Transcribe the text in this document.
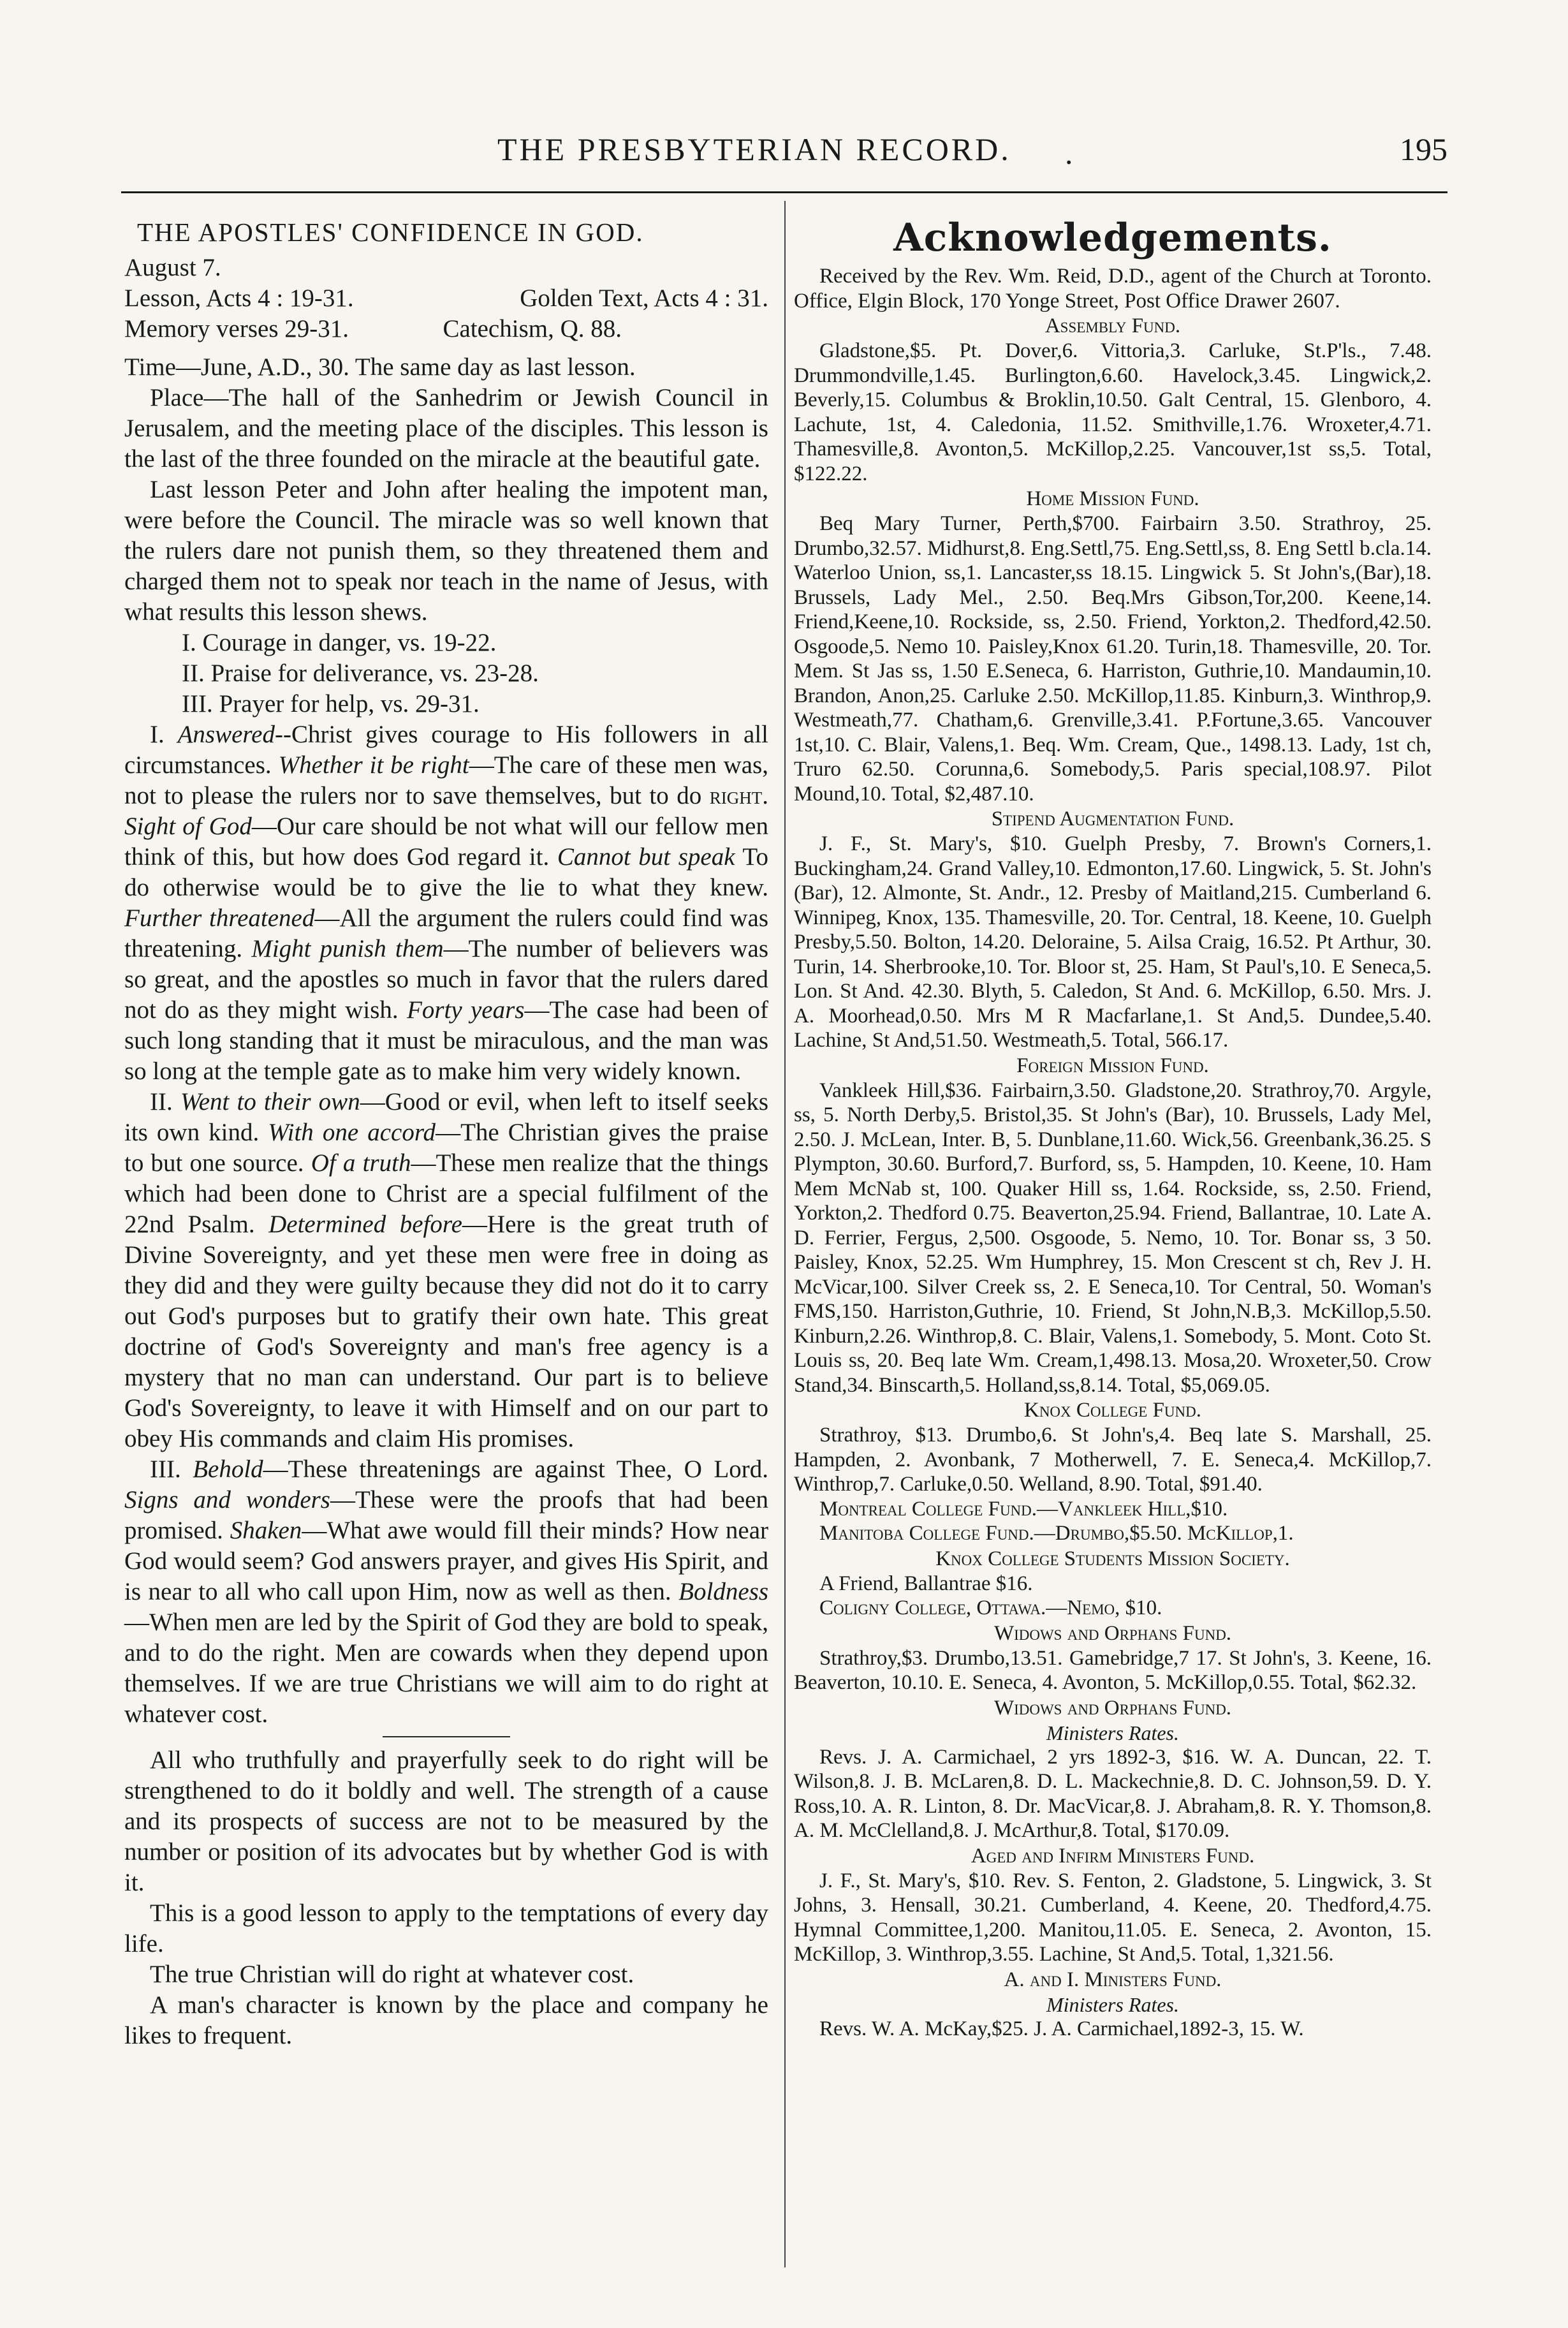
THE PRESBYTERIAN RECORD. .	195

THE APOSTLES' CONFIDENCE IN GOD.

August 7.

Lesson, Acts 4 : 19-31.	Golden Text, Acts 4 : 31.
Memory verses 29-31.	Catechism, Q. 88.

Time—June, A.D., 30. The same day as last lesson.

Place—The hall of the Sanhedrim or Jewish Council in Jerusalem, and the meeting place of the disciples. This lesson is the last of the three founded on the miracle at the beautiful gate.

Last lesson Peter and John after healing the impotent man, were before the Council. The miracle was so well known that the rulers dare not punish them, so they threatened them and charged them not to speak nor teach in the name of Jesus, with what results this lesson shews.

I. Courage in danger, vs. 19-22.

II. Praise for deliverance, vs. 23-28.

III. Prayer for help, vs. 29-31.

I. Answered--Christ gives courage to His followers in all circumstances. Whether it be right—The care of these men was, not to please the rulers nor to save themselves, but to do right. Sight of God—Our care should be not what will our fellow men think of this, but how does God regard it. Cannot but speak To do otherwise would be to give the lie to what they knew. Further threatened—All the argument the rulers could find was threatening. Might punish them—The number of believers was so great, and the apostles so much in favor that the rulers dared not do as they might wish. Forty years—The case had been of such long standing that it must be miraculous, and the man was so long at the temple gate as to make him very widely known.

II. Went to their own—Good or evil, when left to itself seeks its own kind. With one accord—The Christian gives the praise to but one source. Of a truth—These men realize that the things which had been done to Christ are a special fulfilment of the 22nd Psalm. Determined before—Here is the great truth of Divine Sovereignty, and yet these men were free in doing as they did and they were guilty because they did not do it to carry out God's purposes but to gratify their own hate. This great doctrine of God's Sovereignty and man's free agency is a mystery that no man can understand. Our part is to believe God's Sovereignty, to leave it with Himself and on our part to obey His commands and claim His promises.

III. Behold—These threatenings are against Thee, O Lord. Signs and wonders—These were the proofs that had been promised. Shaken—What awe would fill their minds? How near God would seem? God answers prayer, and gives His Spirit, and is near to all who call upon Him, now as well as then. Boldness—When men are led by the Spirit of God they are bold to speak, and to do the right. Men are cowards when they depend upon themselves. If we are true Christians we will aim to do right at whatever cost.

All who truthfully and prayerfully seek to do right will be strengthened to do it boldly and well. The strength of a cause and its prospects of success are not to be measured by the number or position of its advocates but by whether God is with it.

This is a good lesson to apply to the temptations of every day life.

The true Christian will do right at whatever cost.

A man's character is known by the place and company he likes to frequent.

Acknowledgements.

Received by the Rev. Wm. Reid, D.D., agent of the Church at Toronto. Office, Elgin Block, 170 Yonge Street, Post Office Drawer 2607.

Assembly Fund.

Gladstone,$5. Pt. Dover,6. Vittoria,3. Carluke, St.P'ls., 7.48. Drummondville,1.45. Burlington,6.60. Havelock,3.45. Lingwick,2. Beverly,15. Columbus & Broklin,10.50. Galt Central, 15. Glenboro, 4. Lachute, 1st, 4. Caledonia, 11.52. Smithville,1.76. Wroxeter,4.71. Thamesville,8. Avonton,5. McKillop,2.25. Vancouver,1st ss,5. Total, $122.22.

Home Mission Fund.

Beq Mary Turner, Perth,$700. Fairbairn 3.50. Strathroy, 25. Drumbo,32.57. Midhurst,8. Eng.Settl,75. Eng.Settl,ss, 8. Eng Settl b.cla.14. Waterloo Union, ss,1. Lancaster,ss 18.15. Lingwick 5. St John's,(Bar),18. Brussels, Lady Mel., 2.50. Beq.Mrs Gibson,Tor,200. Keene,14. Friend,Keene,10. Rockside, ss, 2.50. Friend, Yorkton,2. Thedford,42.50. Osgoode,5. Nemo 10. Paisley,Knox 61.20. Turin,18. Thamesville, 20. Tor. Mem. St Jas ss, 1.50 E.Seneca, 6. Harriston, Guthrie,10. Mandaumin,10. Brandon, Anon,25. Carluke 2.50. McKillop,11.85. Kinburn,3. Winthrop,9. Westmeath,77. Chatham,6. Grenville,3.41. P.Fortune,3.65. Vancouver 1st,10. C. Blair, Valens,1. Beq. Wm. Cream, Que., 1498.13. Lady, 1st ch, Truro 62.50. Corunna,6. Somebody,5. Paris special,108.97. Pilot Mound,10. Total, $2,487.10.

Stipend Augmentation Fund.

J. F., St. Mary's, $10. Guelph Presby, 7. Brown's Corners,1. Buckingham,24. Grand Valley,10. Edmonton,17.60. Lingwick, 5. St. John's (Bar), 12. Almonte, St. Andr., 12. Presby of Maitland,215. Cumberland 6. Winnipeg, Knox, 135. Thamesville, 20. Tor. Central, 18. Keene, 10. Guelph Presby,5.50. Bolton, 14.20. Deloraine, 5. Ailsa Craig, 16.52. Pt Arthur, 30. Turin, 14. Sherbrooke,10. Tor. Bloor st, 25. Ham, St Paul's,10. E Seneca,5. Lon. St And. 42.30. Blyth, 5. Caledon, St And. 6. McKillop, 6.50. Mrs. J. A. Moorhead,0.50. Mrs M R Macfarlane,1. St And,5. Dundee,5.40. Lachine, St And,51.50. Westmeath,5. Total, 566.17.

Foreign Mission Fund.

Vankleek Hill,$36. Fairbairn,3.50. Gladstone,20. Strathroy,70. Argyle, ss, 5. North Derby,5. Bristol,35. St John's (Bar), 10. Brussels, Lady Mel, 2.50. J. McLean, Inter. B, 5. Dunblane,11.60. Wick,56. Greenbank,36.25. S Plympton, 30.60. Burford,7. Burford, ss, 5. Hampden, 10. Keene, 10. Ham Mem McNab st, 100. Quaker Hill ss, 1.64. Rockside, ss, 2.50. Friend, Yorkton,2. Thedford 0.75. Beaverton,25.94. Friend, Ballantrae, 10. Late A. D. Ferrier, Fergus, 2,500. Osgoode, 5. Nemo, 10. Tor. Bonar ss, 3 50. Paisley, Knox, 52.25. Wm Humphrey, 15. Mon Crescent st ch, Rev J. H. McVicar,100. Silver Creek ss, 2. E Seneca,10. Tor Central, 50. Woman's FMS,150. Harriston,Guthrie, 10. Friend, St John,N.B,3. McKillop,5.50. Kinburn,2.26. Winthrop,8. C. Blair, Valens,1. Somebody, 5. Mont. Coto St. Louis ss, 20. Beq late Wm. Cream,1,498.13. Mosa,20. Wroxeter,50. Crow Stand,34. Binscarth,5. Holland,ss,8.14. Total, $5,069.05.

Knox College Fund.

Strathroy, $13. Drumbo,6. St John's,4. Beq late S. Marshall, 25. Hampden, 2. Avonbank, 7 Motherwell, 7. E. Seneca,4. McKillop,7. Winthrop,7. Carluke,0.50. Welland, 8.90. Total, $91.40.

Montreal College Fund.—Vankleek Hill,$10.

Manitoba College Fund.—Drumbo,$5.50. McKillop,1.

Knox College Students Mission Society.

A Friend, Ballantrae $16.

Coligny College, Ottawa.—Nemo, $10.

Widows and Orphans Fund.

Strathroy,$3. Drumbo,13.51. Gamebridge,7 17. St John's, 3. Keene, 16. Beaverton, 10.10. E. Seneca, 4. Avonton, 5. McKillop,0.55. Total, $62.32.

Widows and Orphans Fund.
Ministers Rates.

Revs. J. A. Carmichael, 2 yrs 1892-3, $16. W. A. Duncan, 22. T. Wilson,8. J. B. McLaren,8. D. L. Mackechnie,8. D. C. Johnson,59. D. Y. Ross,10. A. R. Linton, 8. Dr. MacVicar,8. J. Abraham,8. R. Y. Thomson,8. A. M. McClelland,8. J. McArthur,8. Total, $170.09.

Aged and Infirm Ministers Fund.

J. F., St. Mary's, $10. Rev. S. Fenton, 2. Gladstone, 5. Lingwick, 3. St Johns, 3. Hensall, 30.21. Cumberland, 4. Keene, 20. Thedford,4.75. Hymnal Committee,1,200. Manitou,11.05. E. Seneca, 2. Avonton, 15. McKillop, 3. Winthrop,3.55. Lachine, St And,5. Total, 1,321.56.

A. and I. Ministers Fund.
Ministers Rates.

Revs. W. A. McKay,$25. J. A. Carmichael,1892-3, 15. W.
